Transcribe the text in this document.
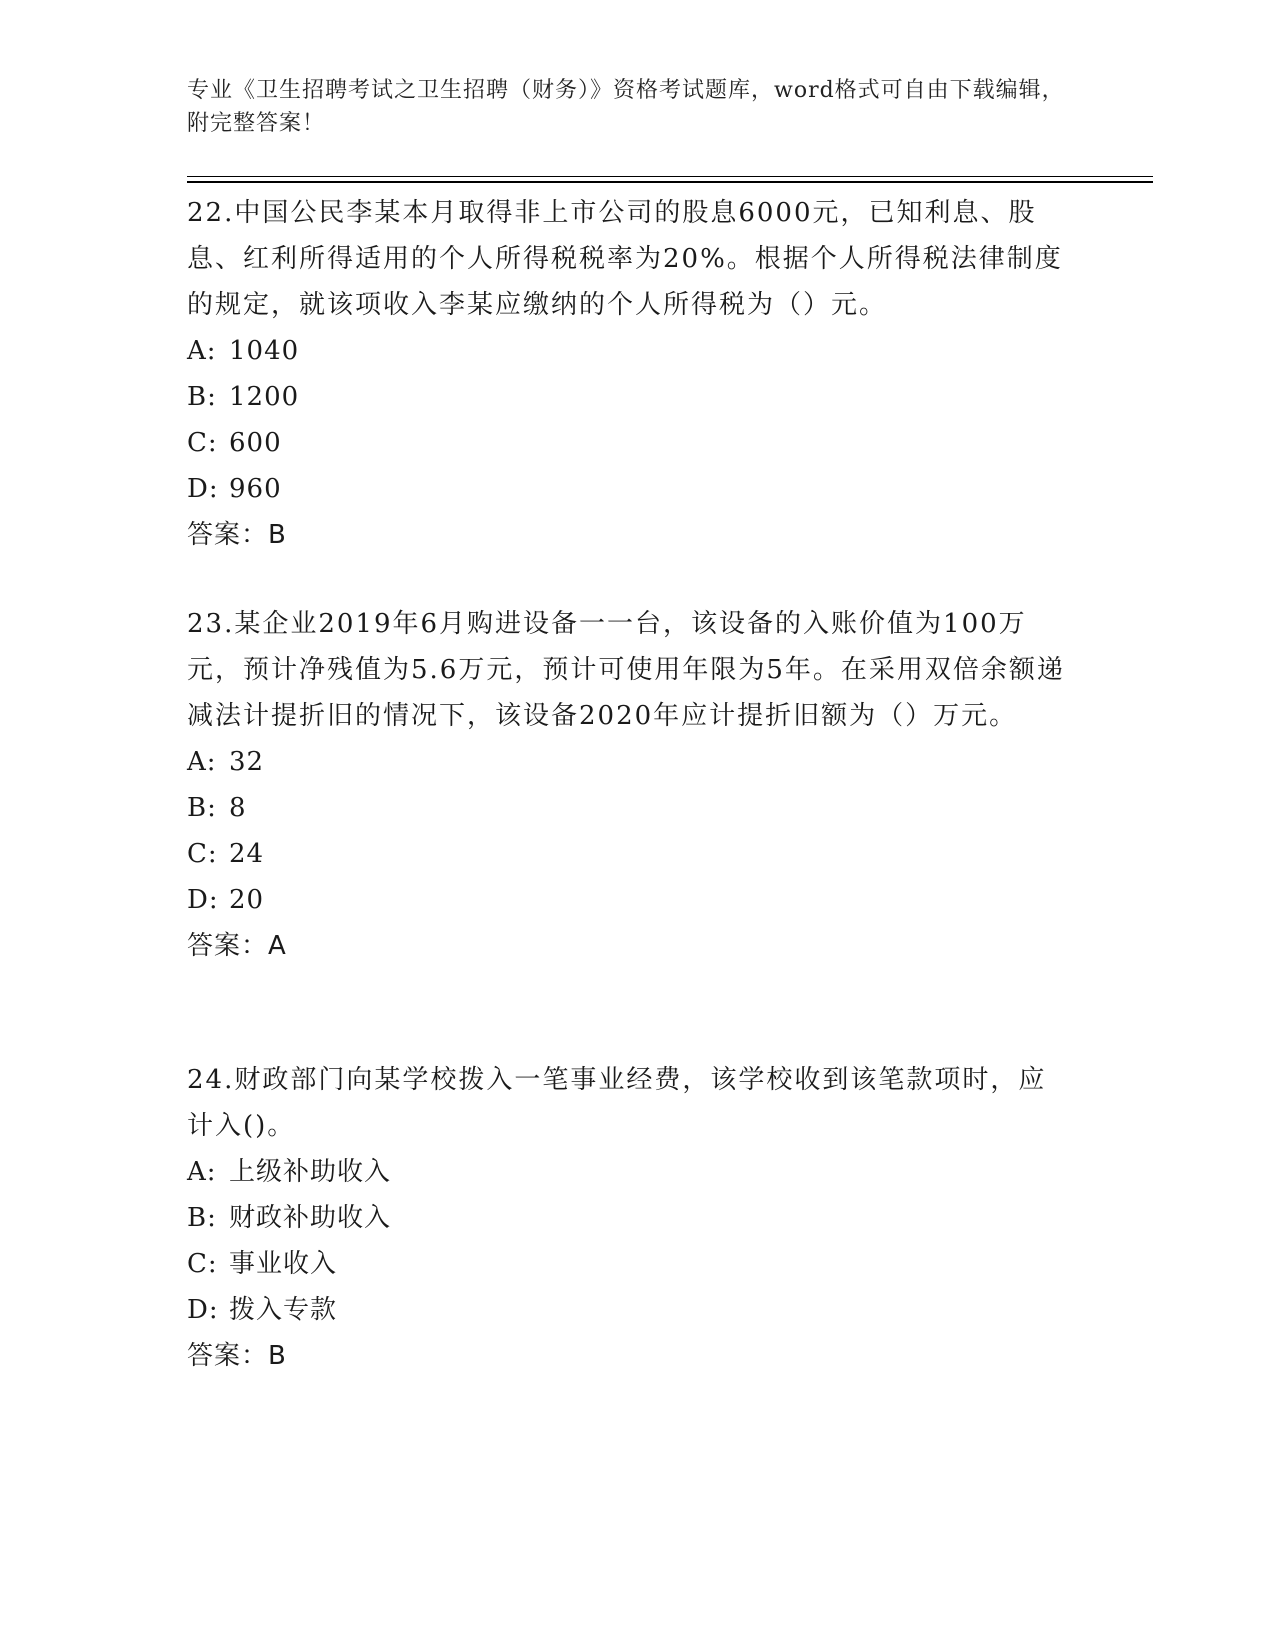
专业《卫生招聘考试之卫生招聘（财务）》资格考试题库，word格式可自由下载编辑，附完整答案！

22.中国公民李某本月取得非上市公司的股息6000元，已知利息、股息、红利所得适用的个人所得税税率为20%。根据个人所得税法律制度的规定，就该项收入李某应缴纳的个人所得税为（）元。

A: 1040

B: 1200

C: 600

D: 960

答案：B

23.某企业2019年6月购进设备一一台，该设备的入账价值为100万元，预计净残值为5.6万元，预计可使用年限为5年。在采用双倍余额递减法计提折旧的情况下，该设备2020年应计提折旧额为（）万元。

A: 32

B: 8

C: 24

D: 20

答案：A

24.财政部门向某学校拨入一笔事业经费，该学校收到该笔款项时，应计入()。

A: 上级补助收入

B: 财政补助收入

C: 事业收入

D: 拨入专款

答案：B
